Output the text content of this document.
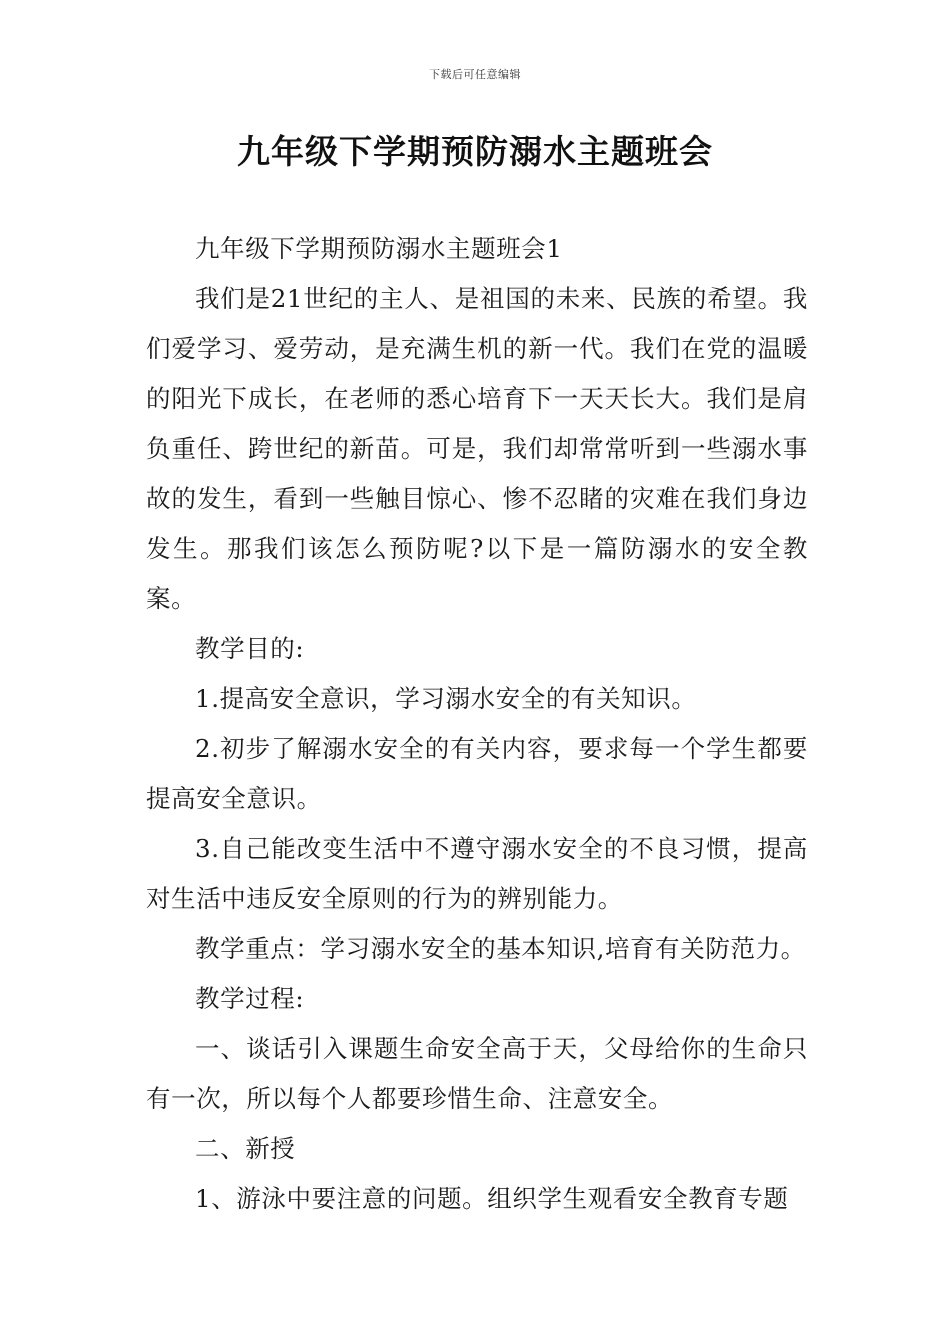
下载后可任意编辑
九年级下学期预防溺水主题班会

九年级下学期预防溺水主题班会1

我们是21世纪的主人、是祖国的未来、民族的希望。我们爱学习、爱劳动，是充满生机的新一代。我们在党的温暖的阳光下成长，在老师的悉心培育下一天天长大。我们是肩负重任、跨世纪的新苗。可是，我们却常常听到一些溺水事故的发生，看到一些触目惊心、惨不忍睹的灾难在我们身边发生。那我们该怎么预防呢?以下是一篇防溺水的安全教案。

教学目的:

1.提高安全意识，学习溺水安全的有关知识。

2.初步了解溺水安全的有关内容，要求每一个学生都要提高安全意识。

3.自己能改变生活中不遵守溺水安全的不良习惯，提高对生活中违反安全原则的行为的辨别能力。

教学重点：学习溺水安全的基本知识,培育有关防范力。

教学过程:

一、谈话引入课题生命安全高于天，父母给你的生命只有一次，所以每个人都要珍惜生命、注意安全。

二、新授

1、游泳中要注意的问题。组织学生观看安全教育专题
